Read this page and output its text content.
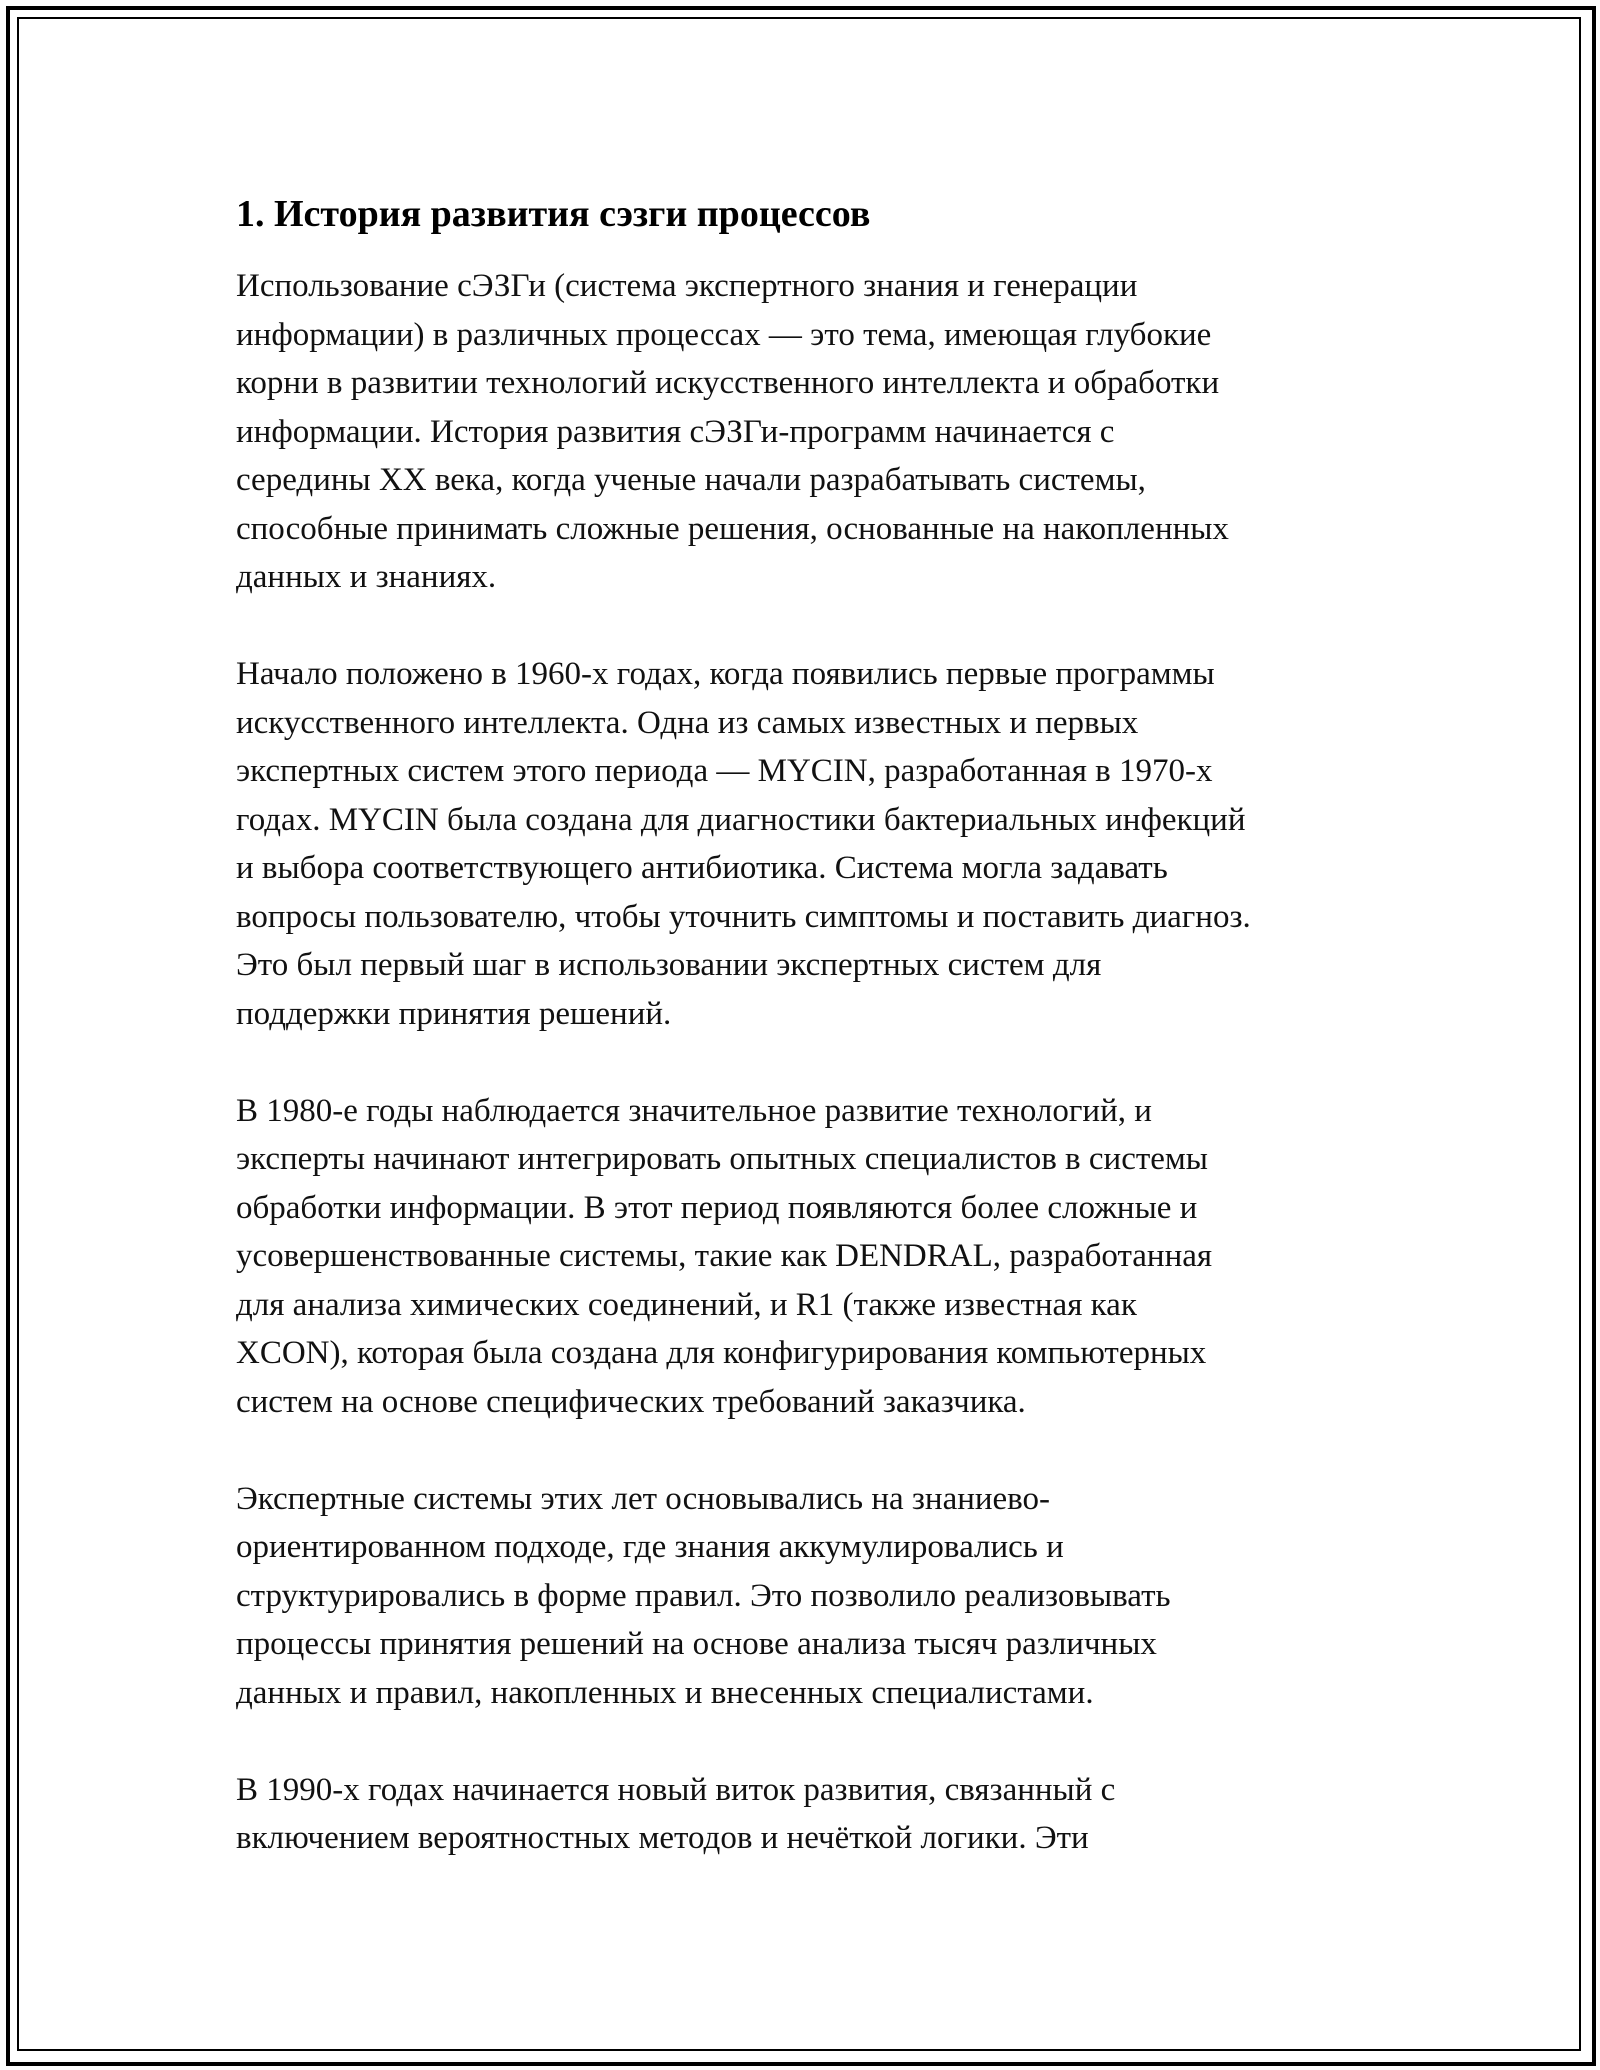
1. История развития сэзги процессов

Использование сЭЗГи (система экспертного знания и генерации
информации) в различных процессах — это тема, имеющая глубокие
корни в развитии технологий искусственного интеллекта и обработки
информации. История развития сЭЗГи-программ начинается с
середины XX века, когда ученые начали разрабатывать системы,
способные принимать сложные решения, основанные на накопленных
данных и знаниях.

Начало положено в 1960-х годах, когда появились первые программы
искусственного интеллекта. Одна из самых известных и первых
экспертных систем этого периода — MYCIN, разработанная в 1970-х
годах. MYCIN была создана для диагностики бактериальных инфекций
и выбора соответствующего антибиотика. Система могла задавать
вопросы пользователю, чтобы уточнить симптомы и поставить диагноз.
Это был первый шаг в использовании экспертных систем для
поддержки принятия решений.

В 1980-е годы наблюдается значительное развитие технологий, и
эксперты начинают интегрировать опытных специалистов в системы
обработки информации. В этот период появляются более сложные и
усовершенствованные системы, такие как DENDRAL, разработанная
для анализа химических соединений, и R1 (также известная как
XCON), которая была создана для конфигурирования компьютерных
систем на основе специфических требований заказчика.

Экспертные системы этих лет основывались на знаниево-
ориентированном подходе, где знания аккумулировались и
структурировались в форме правил. Это позволило реализовывать
процессы принятия решений на основе анализа тысяч различных
данных и правил, накопленных и внесенных специалистами.

В 1990-х годах начинается новый виток развития, связанный с
включением вероятностных методов и нечёткой логики. Эти
